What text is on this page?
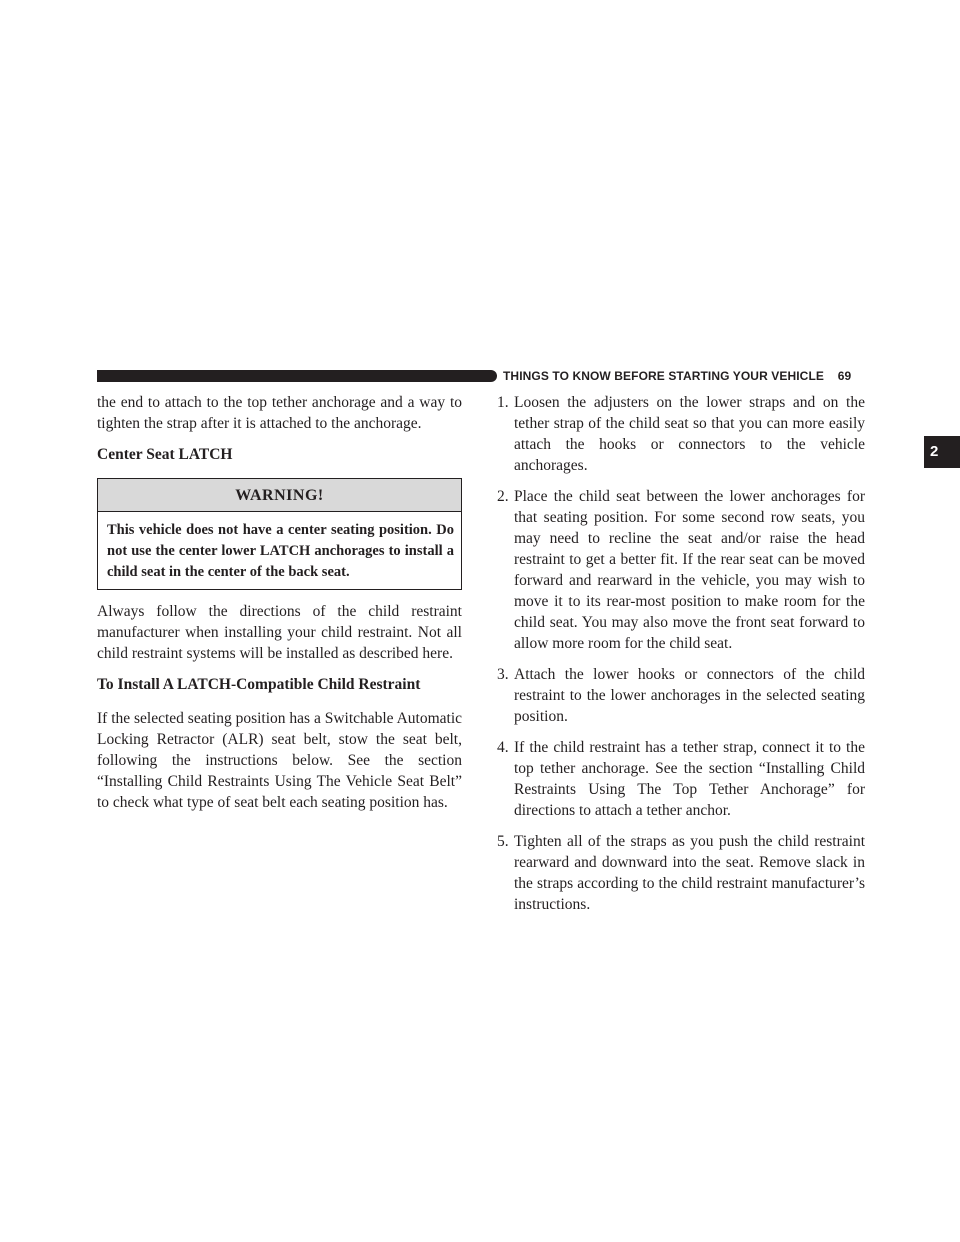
THINGS TO KNOW BEFORE STARTING YOUR VEHICLE    69
2

the end to attach to the top tether anchorage and a way to tighten the strap after it is attached to the anchorage.

Center Seat LATCH
WARNING!
This vehicle does not have a center seating position. Do not use the center lower LATCH anchorages to install a child seat in the center of the back seat.

Always follow the directions of the child restraint manufacturer when installing your child restraint. Not all child restraint systems will be installed as described here.

To Install A LATCH-Compatible Child Restraint

If the selected seating position has a Switchable Automatic Locking Retractor (ALR) seat belt, stow the seat belt, following the instructions below. See the section “Installing Child Restraints Using The Vehicle Seat Belt” to check what type of seat belt each seating position has.

1. Loosen the adjusters on the lower straps and on the tether strap of the child seat so that you can more easily attach the hooks or connectors to the vehicle anchorages.
2. Place the child seat between the lower anchorages for that seating position. For some second row seats, you may need to recline the seat and/or raise the head restraint to get a better fit. If the rear seat can be moved forward and rearward in the vehicle, you may wish to move it to its rear-most position to make room for the child seat. You may also move the front seat forward to allow more room for the child seat.
3. Attach the lower hooks or connectors of the child restraint to the lower anchorages in the selected seating position.
4. If the child restraint has a tether strap, connect it to the top tether anchorage. See the section “Installing Child Restraints Using The Top Tether Anchorage” for directions to attach a tether anchor.
5. Tighten all of the straps as you push the child restraint rearward and downward into the seat. Remove slack in the straps according to the child restraint manufacturer’s instructions.
